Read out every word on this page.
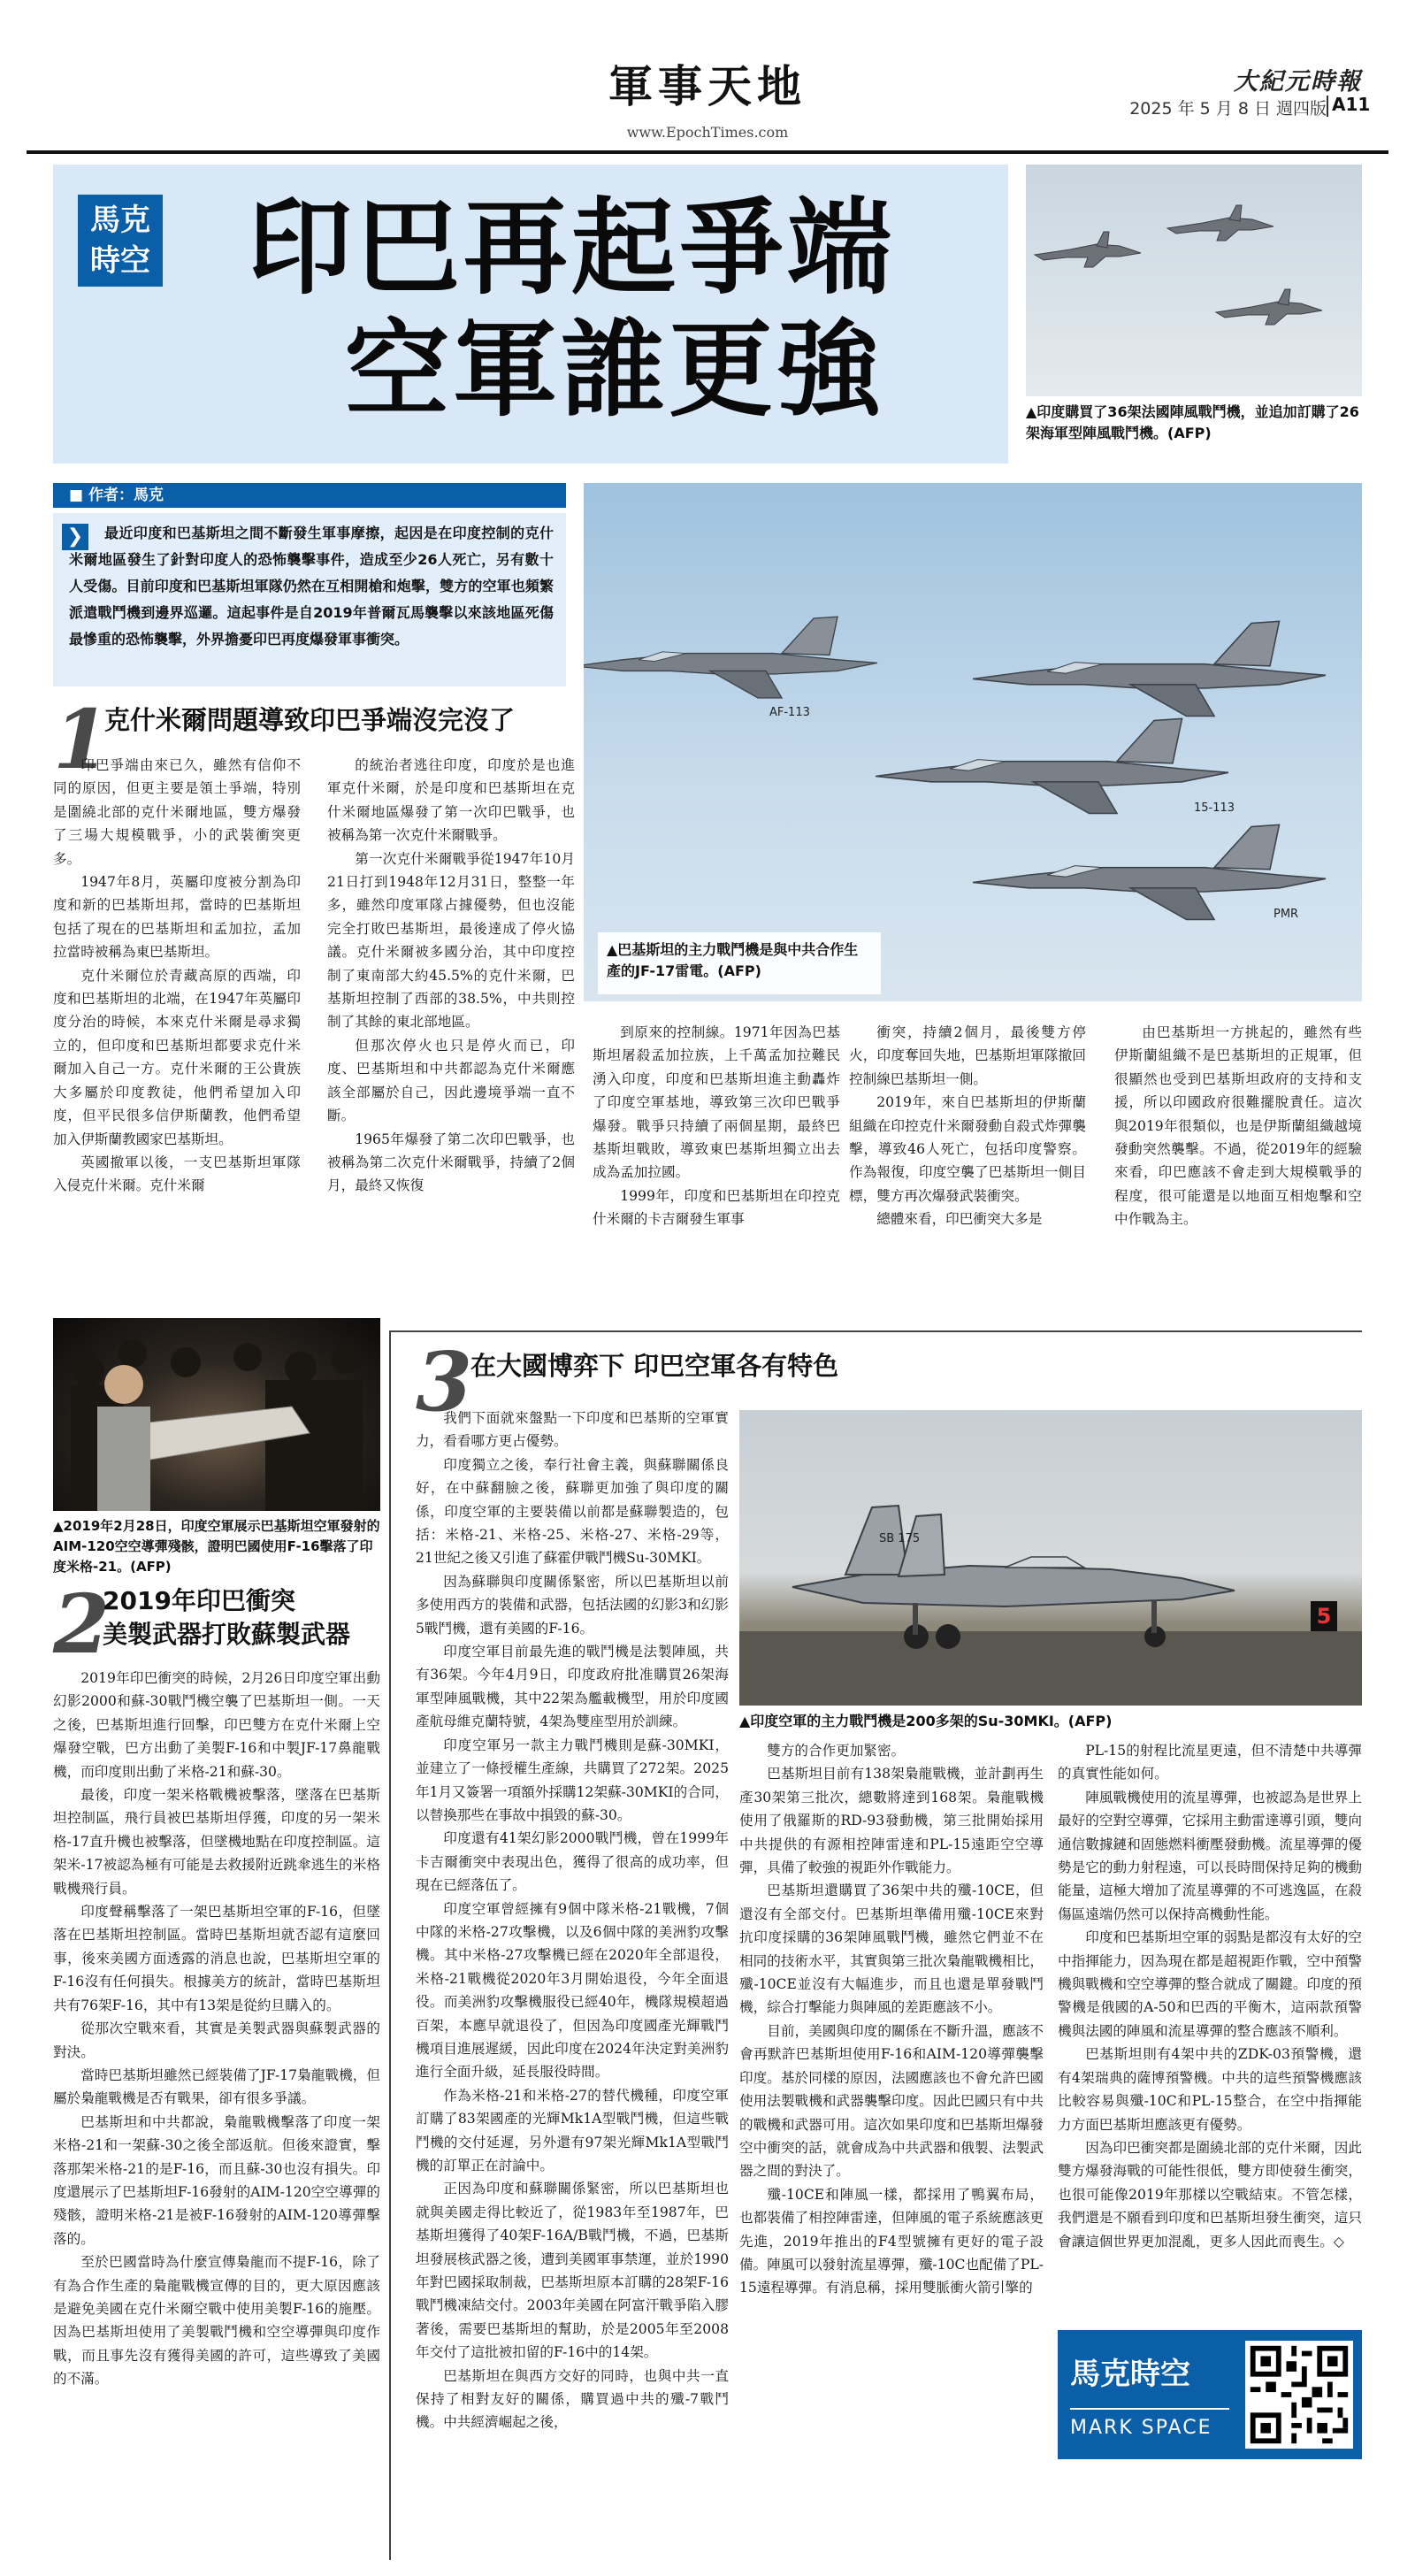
軍事天地
www.EpochTimes.com
大紀元時報
2025 年 5 月 8 日 週四版 A11
馬克
時空 印巴再起爭端
空軍誰更強	▲印度購買了36架法國陣風戰鬥機，並追加訂購了26架海軍型陣風戰鬥機。(AFP)
■ 作者：馬克
❯	最近印度和巴基斯坦之間不斷發生軍事摩擦，起因是在印度控制的克什米爾地區發生了針對印度人的恐怖襲擊事件，造成至少26人死亡，另有數十人受傷。目前印度和巴基斯坦軍隊仍然在互相開槍和炮擊，雙方的空軍也頻繁派遣戰鬥機到邊界巡邏。這起事件是自2019年普爾瓦馬襲擊以來該地區死傷最慘重的恐怖襲擊，外界擔憂印巴再度爆發軍事衝突。
AF-113
15-113
PMR
▲巴基斯坦的主力戰鬥機是與中共合作生產的JF-17雷電。(AFP)
1
克什米爾問題導致印巴爭端沒完沒了

印巴爭端由來已久，雖然有信仰不同的原因，但更主要是領土爭端，特別是圍繞北部的克什米爾地區，雙方爆發了三場大規模戰爭，小的武裝衝突更多。

1947年8月，英屬印度被分割為印度和新的巴基斯坦邦，當時的巴基斯坦包括了現在的巴基斯坦和孟加拉，孟加拉當時被稱為東巴基斯坦。

克什米爾位於青藏高原的西端，印度和巴基斯坦的北端，在1947年英屬印度分治的時候，本來克什米爾是尋求獨立的，但印度和巴基斯坦都要求克什米爾加入自己一方。克什米爾的王公貴族大多屬於印度教徒，他們希望加入印度，但平民很多信伊斯蘭教，他們希望加入伊斯蘭教國家巴基斯坦。

英國撤軍以後，一支巴基斯坦軍隊入侵克什米爾。克什米爾

的統治者逃往印度，印度於是也進軍克什米爾，於是印度和巴基斯坦在克什米爾地區爆發了第一次印巴戰爭，也被稱為第一次克什米爾戰爭。

第一次克什米爾戰爭從1947年10月21日打到1948年12月31日，整整一年多，雖然印度軍隊占據優勢，但也沒能完全打敗巴基斯坦，最後達成了停火協議。克什米爾被多國分治，其中印度控制了東南部大約45.5%的克什米爾，巴基斯坦控制了西部的38.5%，中共則控制了其餘的東北部地區。

但那次停火也只是停火而已，印度、巴基斯坦和中共都認為克什米爾應該全部屬於自己，因此邊境爭端一直不斷。

1965年爆發了第二次印巴戰爭，也被稱為第二次克什米爾戰爭，持續了2個月，最終又恢復

到原來的控制線。1971年因為巴基斯坦屠殺孟加拉族，上千萬孟加拉難民湧入印度，印度和巴基斯坦進主動轟炸了印度空軍基地，導致第三次印巴戰爭爆發。戰爭只持續了兩個星期，最終巴基斯坦戰敗，導致東巴基斯坦獨立出去成為孟加拉國。

1999年，印度和巴基斯坦在印控克什米爾的卡吉爾發生軍事

衝突，持續2個月，最後雙方停火，印度奪回失地，巴基斯坦軍隊撤回控制線巴基斯坦一側。

2019年，來自巴基斯坦的伊斯蘭組織在印控克什米爾發動自殺式炸彈襲擊，導致46人死亡，包括印度警察。作為報復，印度空襲了巴基斯坦一側目標，雙方再次爆發武裝衝突。

總體來看，印巴衝突大多是

由巴基斯坦一方挑起的，雖然有些伊斯蘭組織不是巴基斯坦的正規軍，但很顯然也受到巴基斯坦政府的支持和支援，所以印國政府很難擺脫責任。這次與2019年很類似，也是伊斯蘭組織越境發動突然襲擊。不過，從2019年的經驗來看，印巴應該不會走到大規模戰爭的程度，很可能還是以地面互相炮擊和空中作戰為主。

▲2019年2月28日，印度空軍展示巴基斯坦空軍發射的AIM-120空空導彈殘骸，證明巴國使用F-16擊落了印度米格-21。(AFP)
2
2019年印巴衝突
美製武器打敗蘇製武器

2019年印巴衝突的時候，2月26日印度空軍出動幻影2000和蘇-30戰鬥機空襲了巴基斯坦一側。一天之後，巴基斯坦進行回擊，印巴雙方在克什米爾上空爆發空戰，巴方出動了美製F-16和中製JF-17鼻龍戰機，而印度則出動了米格-21和蘇-30。

最後，印度一架米格戰機被擊落，墜落在巴基斯坦控制區，飛行員被巴基斯坦俘獲，印度的另一架米格-17直升機也被擊落，但墜機地點在印度控制區。這架米-17被認為極有可能是去救援附近跳傘逃生的米格戰機飛行員。

印度聲稱擊落了一架巴基斯坦空軍的F-16，但墜落在巴基斯坦控制區。當時巴基斯坦就否認有這麼回事，後來美國方面透露的消息也說，巴基斯坦空軍的F-16沒有任何損失。根據美方的統計，當時巴基斯坦共有76架F-16，其中有13架是從約旦購入的。

從那次空戰來看，其實是美製武器與蘇製武器的對決。

當時巴基斯坦雖然已經裝備了JF-17梟龍戰機，但屬於梟龍戰機是否有戰果，卻有很多爭議。

巴基斯坦和中共都說，梟龍戰機擊落了印度一架米格-21和一架蘇-30之後全部返航。但後來證實，擊落那架米格-21的是F-16，而且蘇-30也沒有損失。印度還展示了巴基斯坦F-16發射的AIM-120空空導彈的殘骸，證明米格-21是被F-16發射的AIM-120導彈擊落的。

至於巴國當時為什麼宣傳梟龍而不提F-16，除了有為合作生產的梟龍戰機宣傳的目的，更大原因應該是避免美國在克什米爾空戰中使用美製F-16的施壓。因為巴基斯坦使用了美製戰鬥機和空空導彈與印度作戰，而且事先沒有獲得美國的許可，這些導致了美國的不滿。

3
在大國博弈下 印巴空軍各有特色

我們下面就來盤點一下印度和巴基斯的空軍實力，看看哪方更占優勢。

印度獨立之後，奉行社會主義，與蘇聯關係良好，在中蘇翻臉之後，蘇聯更加強了與印度的關係，印度空軍的主要裝備以前都是蘇聯製造的，包括：米格-21、米格-25、米格-27、米格-29等，21世紀之後又引進了蘇霍伊戰鬥機Su-30MKI。

因為蘇聯與印度關係緊密，所以巴基斯坦以前多使用西方的裝備和武器，包括法國的幻影3和幻影5戰鬥機，還有美國的F-16。

印度空軍目前最先進的戰鬥機是法製陣風，共有36架。今年4月9日，印度政府批准購買26架海軍型陣風戰機，其中22架為艦載機型，用於印度國產航母維克蘭特號，4架為雙座型用於訓練。

印度空軍另一款主力戰鬥機則是蘇-30MKI，並建立了一條授權生產線，共購買了272架。2025年1月又簽署一項額外採購12架蘇-30MKI的合同，以替換那些在事故中損毀的蘇-30。

印度還有41架幻影2000戰鬥機，曾在1999年卡吉爾衝突中表現出色，獲得了很高的成功率，但現在已經落伍了。

印度空軍曾經擁有9個中隊米格-21戰機，7個中隊的米格-27攻擊機，以及6個中隊的美洲豹攻擊機。其中米格-27攻擊機已經在2020年全部退役，米格-21戰機從2020年3月開始退役，今年全面退役。而美洲豹攻擊機服役已經40年，機隊規模超過百架，本應早就退役了，但因為印度國產光輝戰鬥機項目進展遲緩，因此印度在2024年決定對美洲豹進行全面升級，延長服役時間。

作為米格-21和米格-27的替代機種，印度空軍訂購了83架國產的光輝Mk1A型戰鬥機，但這些戰鬥機的交付延遲，另外還有97架光輝Mk1A型戰鬥機的訂單正在討論中。

正因為印度和蘇聯關係緊密，所以巴基斯坦也就與美國走得比較近了，從1983年至1987年，巴基斯坦獲得了40架F-16A/B戰鬥機，不過，巴基斯坦發展核武器之後，遭到美國軍事禁運，並於1990年對巴國採取制裁，巴基斯坦原本訂購的28架F-16戰鬥機凍結交付。2003年美國在阿富汗戰爭陷入膠著後，需要巴基斯坦的幫助，於是2005年至2008年交付了這批被扣留的F-16中的14架。

巴基斯坦在與西方交好的同時，也與中共一直保持了相對友好的關係，購買過中共的殲-7戰鬥機。中共經濟崛起之後，

SB 175
5
▲印度空軍的主力戰鬥機是200多架的Su-30MKI。(AFP)

雙方的合作更加緊密。

巴基斯坦目前有138架梟龍戰機，並計劃再生產30架第三批次，總數將達到168架。梟龍戰機使用了俄羅斯的RD-93發動機，第三批開始採用中共提供的有源相控陣雷達和PL-15遠距空空導彈，具備了較強的視距外作戰能力。

巴基斯坦還購買了36架中共的殲-10CE，但還沒有全部交付。巴基斯坦準備用殲-10CE來對抗印度採購的36架陣風戰鬥機，雖然它們並不在相同的技術水平，其實與第三批次梟龍戰機相比，殲-10CE並沒有大幅進步，而且也還是單發戰鬥機，綜合打擊能力與陣風的差距應該不小。

目前，美國與印度的關係在不斷升溫，應該不會再默許巴基斯坦使用F-16和AIM-120導彈襲擊印度。基於同樣的原因，法國應該也不會允許巴國使用法製戰機和武器襲擊印度。因此巴國只有中共的戰機和武器可用。這次如果印度和巴基斯坦爆發空中衝突的話，就會成為中共武器和俄製、法製武器之間的對決了。

殲-10CE和陣風一樣，都採用了鴨翼布局，也都裝備了相控陣雷達，但陣風的電子系統應該更先進，2019年推出的F4型號擁有更好的電子設備。陣風可以發射流星導彈，殲-10C也配備了PL-15遠程導彈。有消息稱，採用雙脈衝火箭引擎的

PL-15的射程比流星更遠，但不清楚中共導彈的真實性能如何。

陣風戰機使用的流星導彈，也被認為是世界上最好的空對空導彈，它採用主動雷達導引頭，雙向通信數據鏈和固態燃料衝壓發動機。流星導彈的優勢是它的動力射程遠，可以長時間保持足夠的機動能量，這極大增加了流星導彈的不可逃逸區，在殺傷區遠端仍然可以保持高機動性能。

印度和巴基斯坦空軍的弱點是都沒有太好的空中指揮能力，因為現在都是超視距作戰，空中預警機與戰機和空空導彈的整合就成了關鍵。印度的預警機是俄國的A-50和巴西的平衡木，這兩款預警機與法國的陣風和流星導彈的整合應該不順利。

巴基斯坦則有4架中共的ZDK-03預警機，還有4架瑞典的薩博預警機。中共的這些預警機應該比較容易與殲-10C和PL-15整合，在空中指揮能力方面巴基斯坦應該更有優勢。

因為印巴衝突都是圍繞北部的克什米爾，因此雙方爆發海戰的可能性很低，雙方即使發生衝突，也很可能像2019年那樣以空戰結束。不管怎樣，我們還是不願看到印度和巴基斯坦發生衝突，這只會讓這個世界更加混亂，更多人因此而喪生。◇

馬克時空
MARK SPACE
